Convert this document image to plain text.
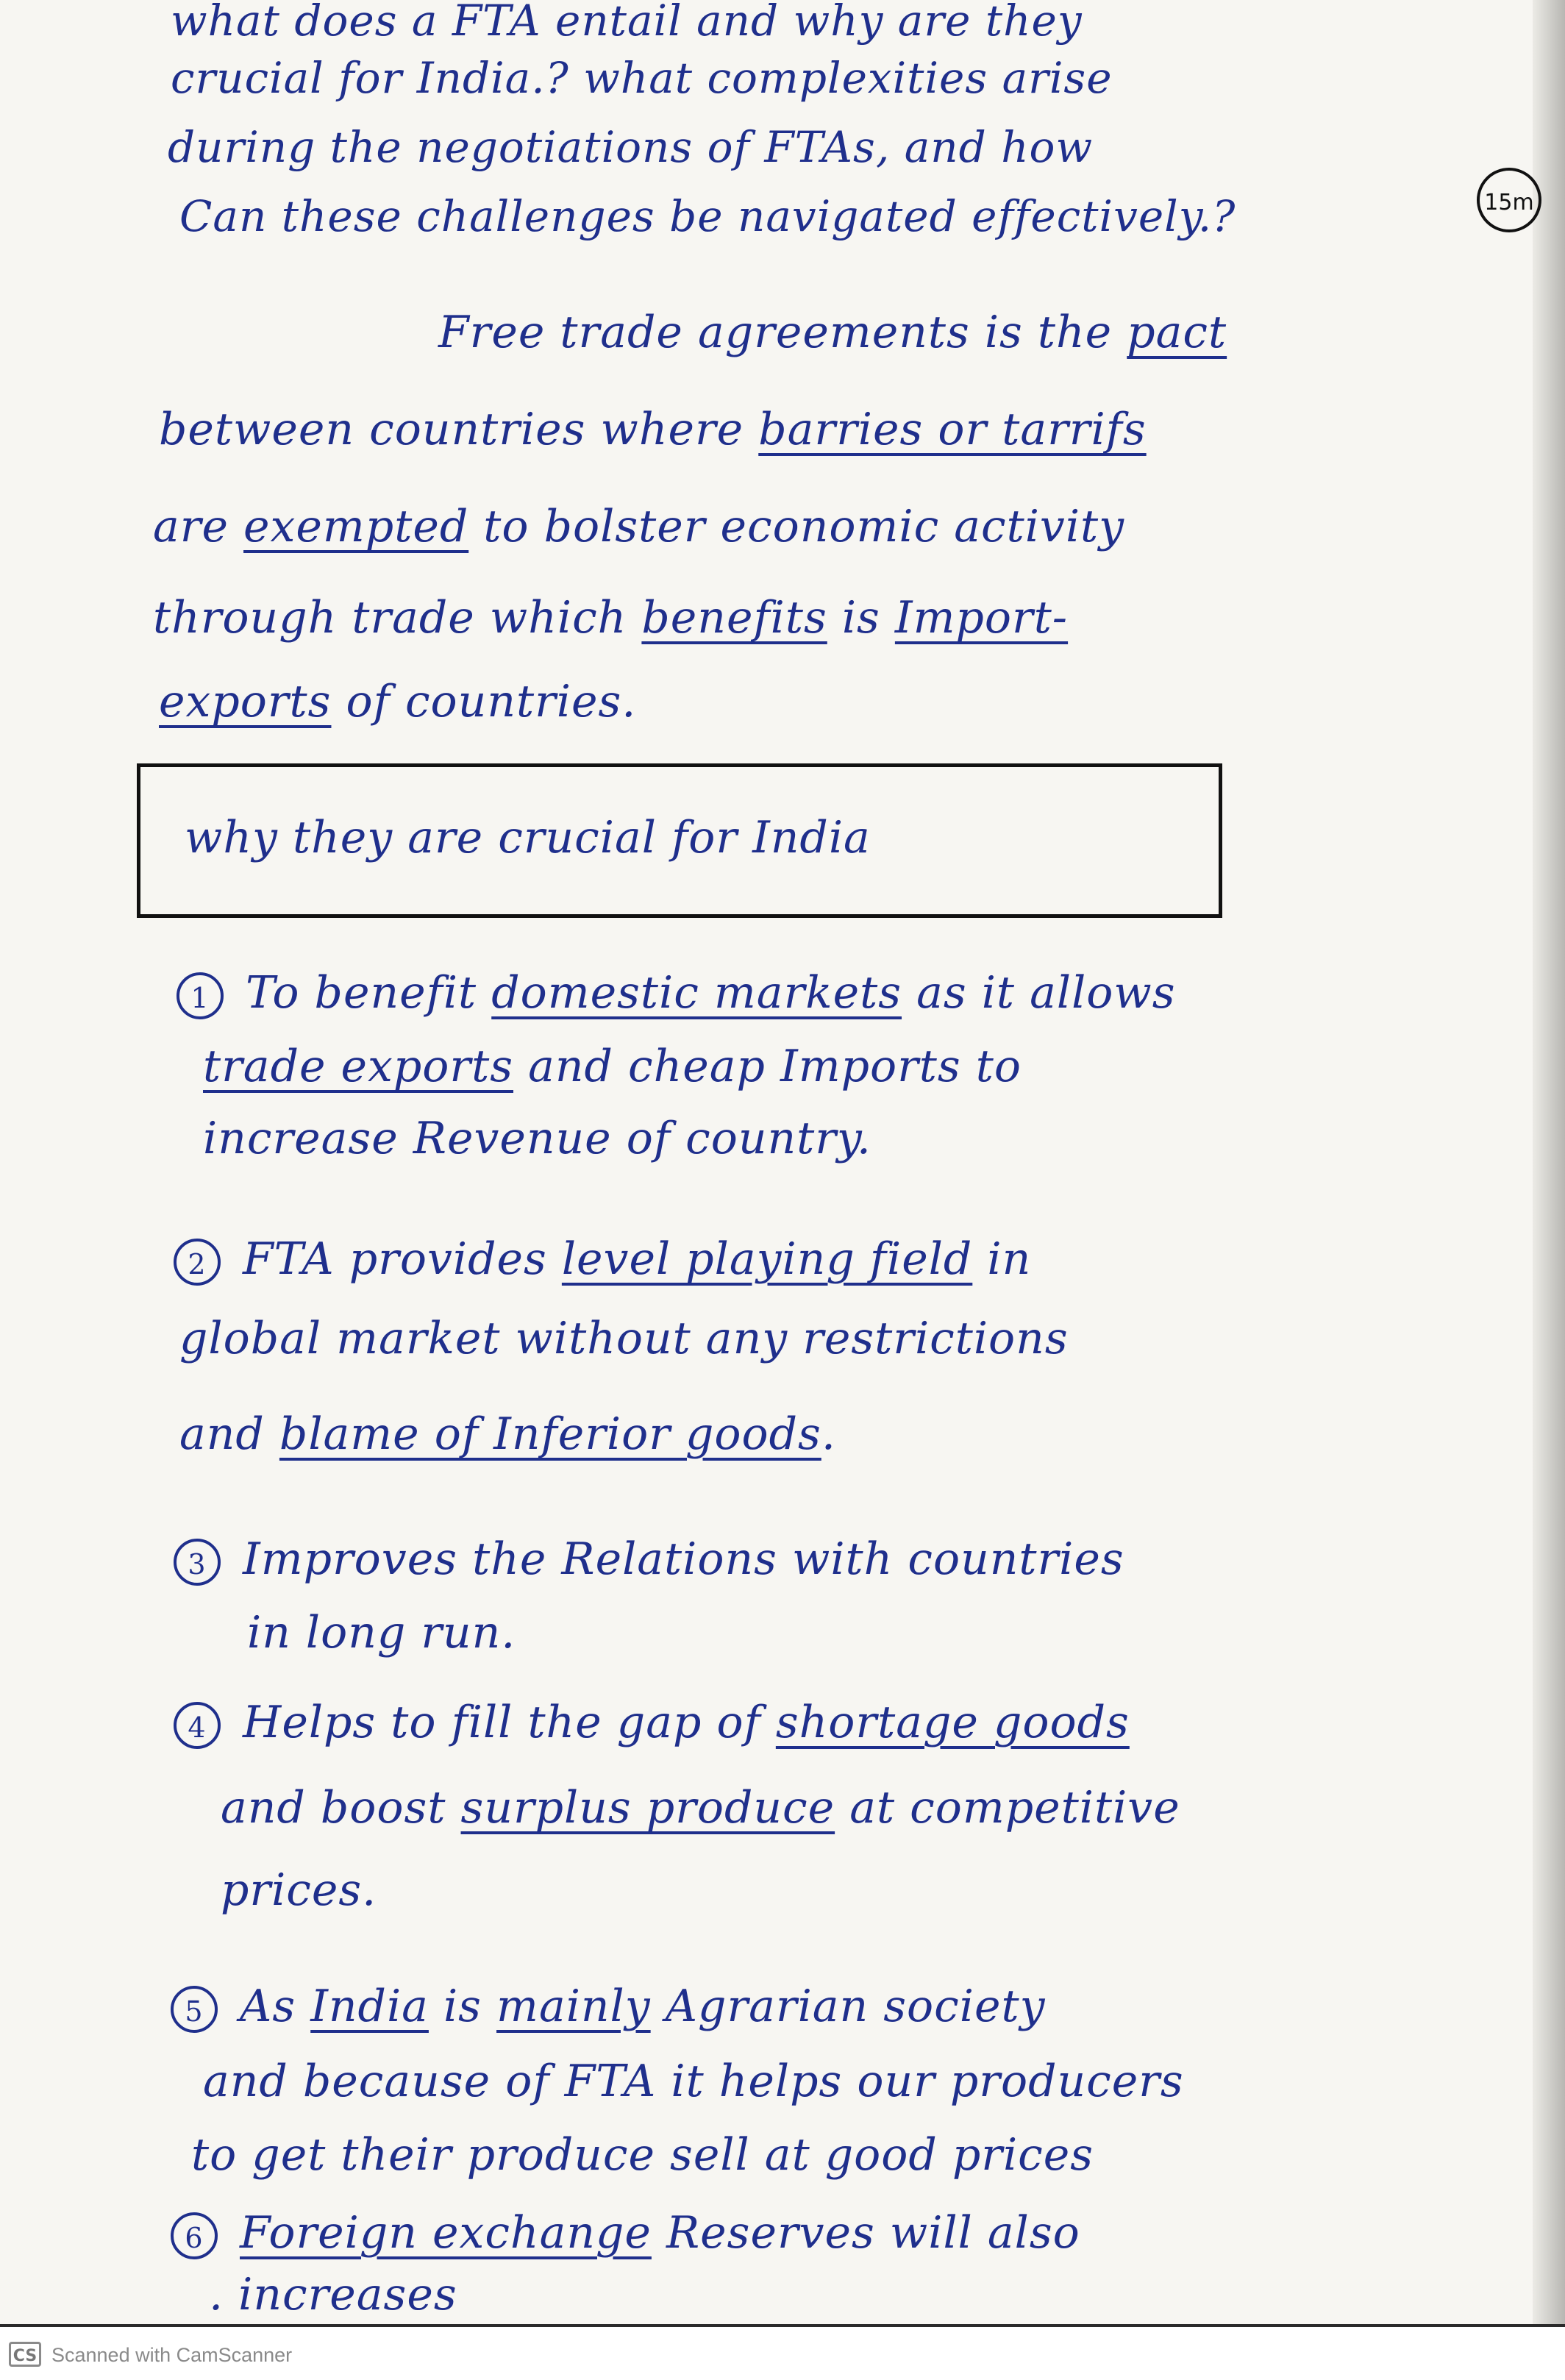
what does a FTA entail and why are they
crucial for India.? what complexities arise
during the negotiations of FTAs, and how
Can these challenges be navigated effectively.?	15m
Free trade agreements is the pact
between countries where barries or tarrifs
are exempted to bolster economic activity
through trade which benefits is Import-
exports of countries.
why they are crucial for India
1 To benefit domestic markets as it allows
trade exports and cheap Imports to
increase Revenue of country.
2 FTA provides level playing field in
global market without any restrictions
and blame of Inferior goods.
3 Improves the Relations with countries
in long run.
4 Helps to fill the gap of shortage goods
and boost surplus produce at competitive
prices.
5 As India is mainly Agrarian society
and because of FTA it helps our producers
to get their produce sell at good prices
6 Foreign exchange Reserves will also
. increases
CS Scanned with CamScanner
